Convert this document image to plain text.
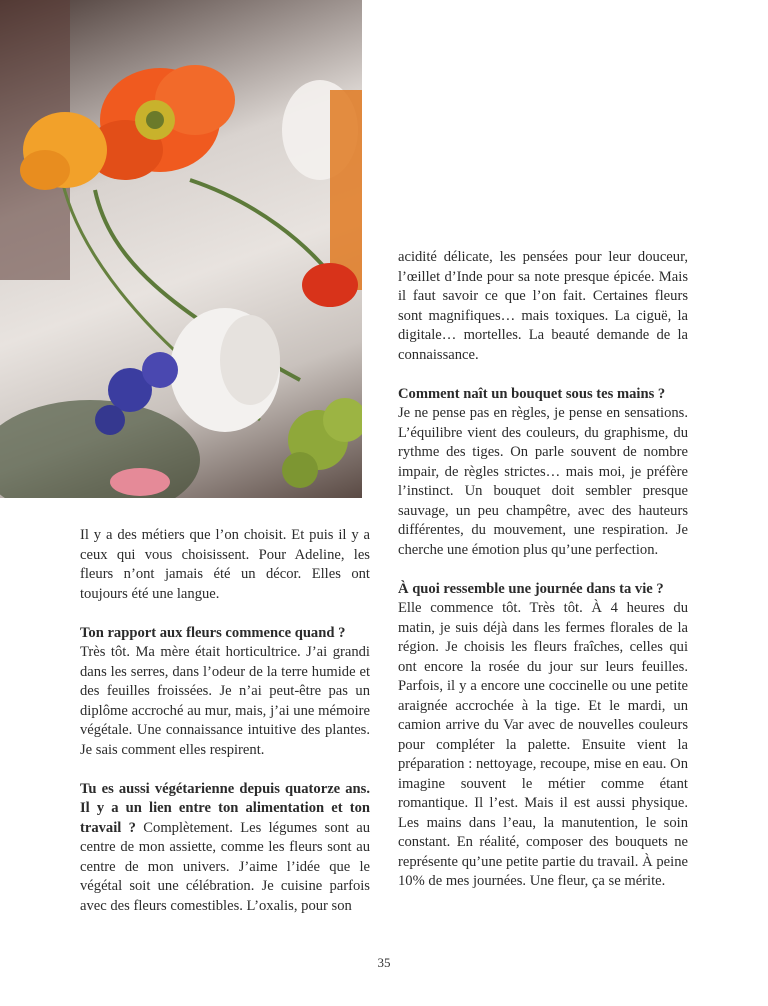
Il y a des métiers que l’on choisit. Et puis il y a ceux qui vous choisissent. Pour Adeline, les fleurs n’ont jamais été un décor. Elles ont toujours été une langue.

Ton rapport aux fleurs commence quand ?
Très tôt. Ma mère était horticultrice. J’ai grandi dans les serres, dans l’odeur de la terre humide et des feuilles froissées. Je n’ai peut-être pas un diplôme accroché au mur, mais, j’ai une mémoire végétale. Une connaissance intuitive des plantes. Je sais comment elles respirent.

Tu es aussi végétarienne depuis quatorze ans. Il y a un lien entre ton alimentation et ton travail ? Complètement. Les légumes sont au centre de mon assiette, comme les fleurs sont au centre de mon univers. J’aime l’idée que le végétal soit une célébration. Je cuisine parfois avec des fleurs comestibles. L’oxalis, pour son

acidité délicate, les pensées pour leur douceur, l’œillet d’Inde pour sa note presque épicée. Mais il faut savoir ce que l’on fait. Certaines fleurs sont magnifiques… mais toxiques. La ciguë, la digitale… mortelles. La beauté demande de la connaissance.

Comment naît un bouquet sous tes mains ?
Je ne pense pas en règles, je pense en sensations. L’équilibre vient des couleurs, du graphisme, du rythme des tiges. On parle souvent de nombre impair, de règles strictes… mais moi, je préfère l’instinct. Un bouquet doit sembler presque sauvage, un peu champêtre, avec des hauteurs différentes, du mouvement, une respiration. Je cherche une émotion plus qu’une perfection.

À quoi ressemble une journée dans ta vie ?
Elle commence tôt. Très tôt. À 4 heures du matin, je suis déjà dans les fermes florales de la région. Je choisis les fleurs fraîches, celles qui ont encore la rosée du jour sur leurs feuilles. Parfois, il y a encore une coccinelle ou une petite araignée accrochée à la tige. Et le mardi, un camion arrive du Var avec de nouvelles couleurs pour compléter la palette. Ensuite vient la préparation : nettoyage, recoupe, mise en eau. On imagine souvent le métier comme étant romantique. Il l’est. Mais il est aussi physique. Les mains dans l’eau, la manutention, le soin constant. En réalité, composer des bouquets ne représente qu’une petite partie du travail. À peine 10% de mes journées. Une fleur, ça se mérite.

35
